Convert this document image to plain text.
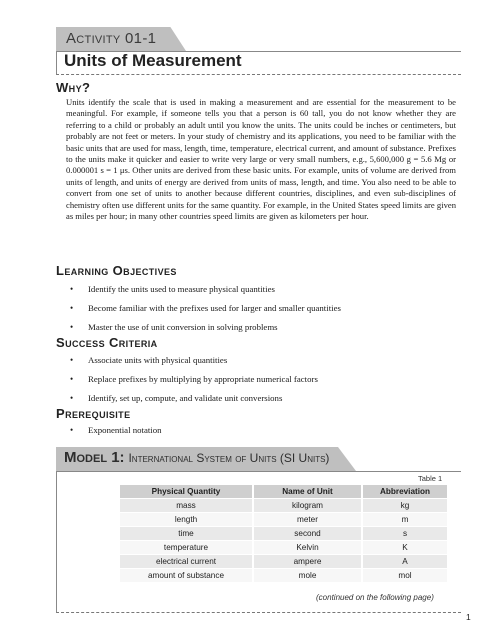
Activity 01-1
Units of Measurement
Why?
Units identify the scale that is used in making a measurement and are essential for the measurement to be meaningful. For example, if someone tells you that a person is 60 tall, you do not know whether they are referring to a child or probably an adult until you know the units. The units could be inches or centimeters, but probably are not feet or meters. In your study of chemistry and its applications, you need to be familiar with the basic units that are used for mass, length, time, temperature, electrical current, and amount of substance. Prefixes to the units make it quicker and easier to write very large or very small numbers, e.g., 5,600,000 g = 5.6 Mg or 0.000001 s = 1 μs. Other units are derived from these basic units. For example, units of volume are derived from units of length, and units of energy are derived from units of mass, length, and time. You also need to be able to convert from one set of units to another because different countries, disciplines, and even sub-disciplines of chemistry often use different units for the same quantity. For example, in the United States speed limits are given as miles per hour; in many other countries speed limits are given as kilometers per hour.
Learning Objectives
• Identify the units used to measure physical quantities
• Become familiar with the prefixes used for larger and smaller quantities
• Master the use of unit conversion in solving problems
Success Criteria
• Associate units with physical quantities
• Replace prefixes by multiplying by appropriate numerical factors
• Identify, set up, compute, and validate unit conversions
Prerequisite
• Exponential notation
Model 1: International System of Units (SI Units)
Table 1
Physical Quantity	Name of Unit	Abbreviation
mass	kilogram	kg
length	meter	m
time	second	s
temperature	Kelvin	K
electrical current	ampere	A
amount of substance	mole	mol
(continued on the following page)
1
